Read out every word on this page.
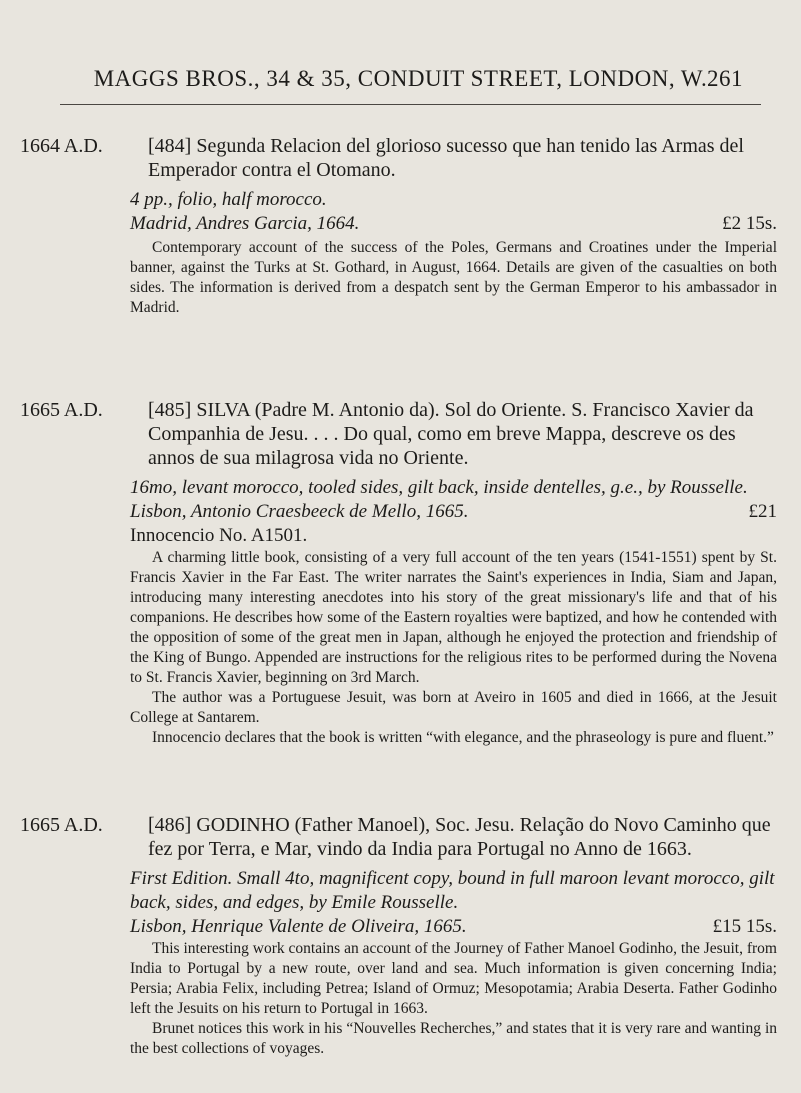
MAGGS BROS., 34 & 35, CONDUIT STREET, LONDON, W. 261
1664 A.D.	[484] Segunda Relacion del glorioso sucesso que han tenido las Armas del Emperador contra el Otomano.

4 pp., folio, half morocco.

Madrid, Andres Garcia, 1664.	£2 15s.

Contemporary account of the success of the Poles, Germans and Croatines under the Imperial banner, against the Turks at St. Gothard, in August, 1664. Details are given of the casualties on both sides. The information is derived from a despatch sent by the German Emperor to his ambassador in Madrid.

1665 A.D.	[485] SILVA (Padre M. Antonio da). Sol do Oriente. S. Francisco Xavier da Companhia de Jesu. . . . Do qual, como em breve Mappa, descreve os des annos de sua milagrosa vida no Oriente.

16mo, levant morocco, tooled sides, gilt back, inside dentelles, g.e., by Rousselle.

Lisbon, Antonio Craesbeeck de Mello, 1665.	£21

Innocencio No. A1501.

A charming little book, consisting of a very full account of the ten years (1541-1551) spent by St. Francis Xavier in the Far East. The writer narrates the Saint's experiences in India, Siam and Japan, introducing many interesting anecdotes into his story of the great missionary's life and that of his companions. He describes how some of the Eastern royalties were baptized, and how he contended with the opposition of some of the great men in Japan, although he enjoyed the protection and friendship of the King of Bungo. Appended are instructions for the religious rites to be performed during the Novena to St. Francis Xavier, beginning on 3rd March.

The author was a Portuguese Jesuit, was born at Aveiro in 1605 and died in 1666, at the Jesuit College at Santarem.

Innocencio declares that the book is written “with elegance, and the phraseology is pure and fluent.”

1665 A.D.	[486] GODINHO (Father Manoel), Soc. Jesu. Relação do Novo Caminho que fez por Terra, e Mar, vindo da India para Portugal no Anno de 1663.

First Edition. Small 4to, magnificent copy, bound in full maroon levant morocco, gilt back, sides, and edges, by Emile Rousselle.

Lisbon, Henrique Valente de Oliveira, 1665.	£15 15s.

This interesting work contains an account of the Journey of Father Manoel Godinho, the Jesuit, from India to Portugal by a new route, over land and sea. Much information is given concerning India; Persia; Arabia Felix, including Petrea; Island of Ormuz; Mesopotamia; Arabia Deserta. Father Godinho left the Jesuits on his return to Portugal in 1663.

Brunet notices this work in his “Nouvelles Recherches,” and states that it is very rare and wanting in the best collections of voyages.
